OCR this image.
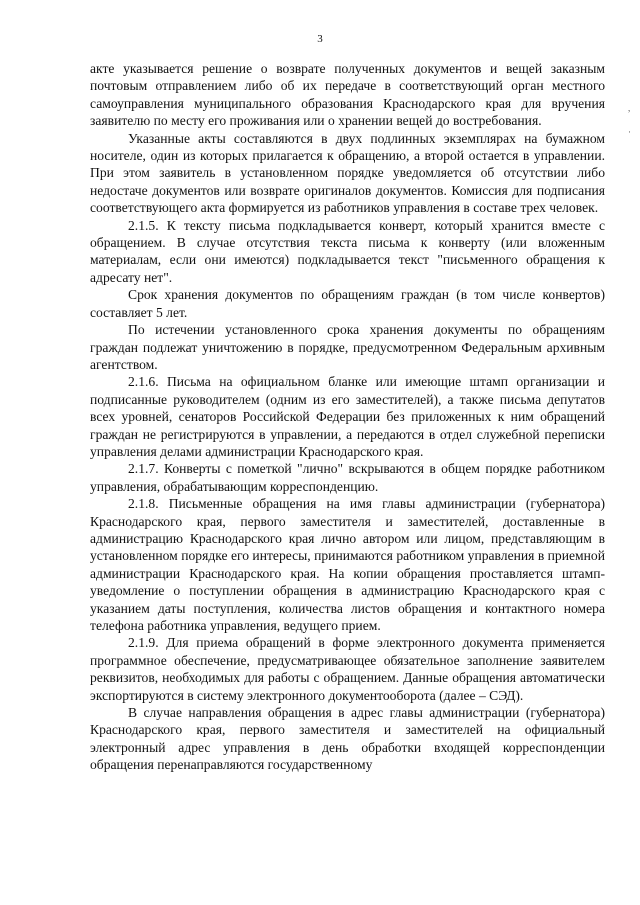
3
,
·

акте указывается решение о возврате полученных документов и вещей заказным почтовым отправлением либо об их передаче в соответствующий орган местного самоуправления муниципального образования Краснодарского края для вручения заявителю по месту его проживания или о хранении вещей до востребования.

Указанные акты составляются в двух подлинных экземплярах на бумажном носителе, один из которых прилагается к обращению, а второй остается в управлении. При этом заявитель в установленном порядке уведомляется об отсутствии либо недостаче документов или возврате оригиналов документов. Комиссия для подписания соответствующего акта формируется из работников управления в составе трех человек.

2.1.5. К тексту письма подкладывается конверт, который хранится вместе с обращением. В случае отсутствия текста письма к конверту (или вложенным материалам, если они имеются) подкладывается текст "письменного обращения к адресату нет".

Срок хранения документов по обращениям граждан (в том числе конвертов) составляет 5 лет.

По истечении установленного срока хранения документы по обращениям граждан подлежат уничтожению в порядке, предусмотренном Федеральным архивным агентством.

2.1.6. Письма на официальном бланке или имеющие штамп организации и подписанные руководителем (одним из его заместителей), а также письма депутатов всех уровней, сенаторов Российской Федерации без приложенных к ним обращений граждан не регистрируются в управлении, а передаются в отдел служебной переписки управления делами администрации Краснодарского края.

2.1.7. Конверты с пометкой "лично" вскрываются в общем порядке работником управления, обрабатывающим корреспонденцию.

2.1.8. Письменные обращения на имя главы администрации (губернатора) Краснодарского края, первого заместителя и заместителей, доставленные в администрацию Краснодарского края лично автором или лицом, представляющим в установленном порядке его интересы, принимаются работником управления в приемной администрации Краснодарского края. На копии обращения проставляется штамп-уведомление о поступлении обращения в администрацию Краснодарского края с указанием даты поступления, количества листов обращения и контактного номера телефона работника управления, ведущего прием.

2.1.9. Для приема обращений в форме электронного документа применяется программное обеспечение, предусматривающее обязательное заполнение заявителем реквизитов, необходимых для работы с обращением. Данные обращения автоматически экспортируются в систему электронного документооборота (далее – СЭД).

В случае направления обращения в адрес главы администрации (губернатора) Краснодарского края, первого заместителя и заместителей на официальный электронный адрес управления в день обработки входящей корреспонденции обращения перенаправляются государственному
